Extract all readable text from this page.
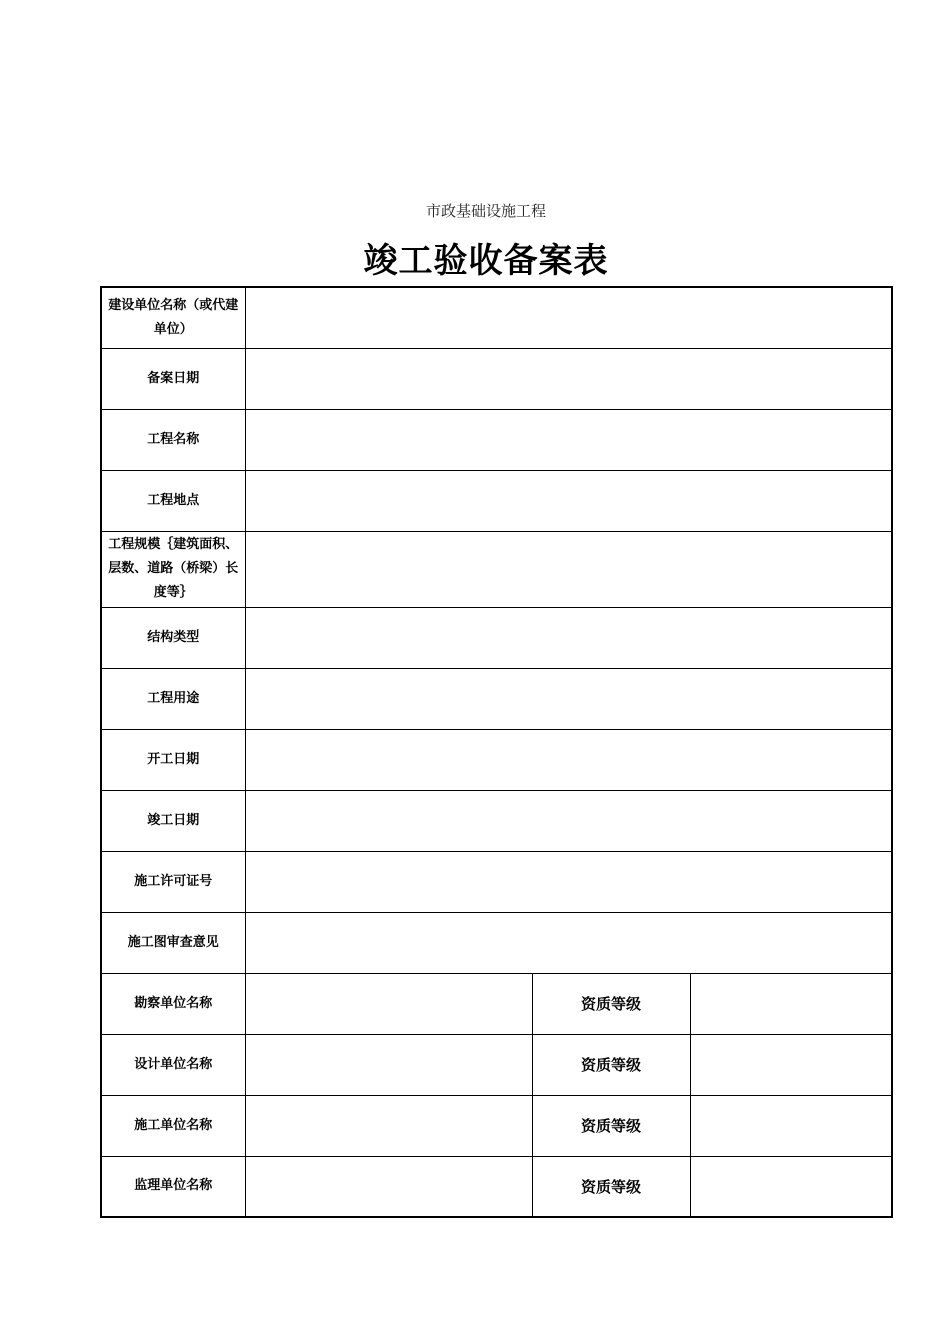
市政基础设施工程
竣工验收备案表
建设单位名称（或代建单位）			
备案日期			
工程名称			
工程地点			
工程规模｛建筑面积、层数、道路（桥梁）长度等｝			
结构类型			
工程用途			
开工日期			
竣工日期			
施工许可证号			
施工图审查意见			
勘察单位名称		资质等级	
设计单位名称		资质等级	
施工单位名称		资质等级	
监理单位名称		资质等级	
